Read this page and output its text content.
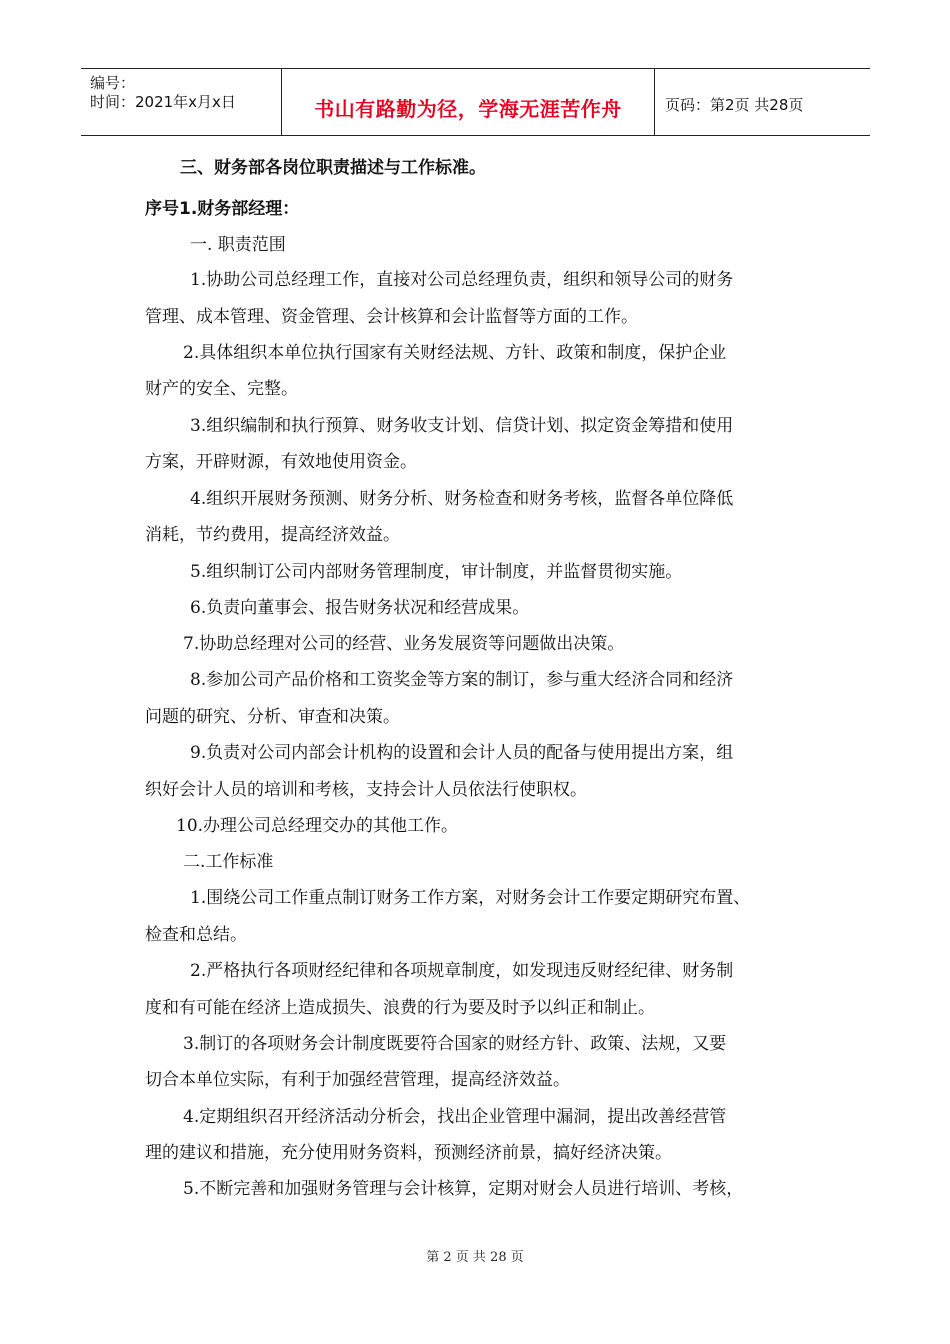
编号：
时间：2021年x月x日	书山有路勤为径，学海无涯苦作舟	页码：第2页 共28页
三、财务部各岗位职责描述与工作标准。
序号1.财务部经理：
一. 职责范围
1.协助公司总经理工作，直接对公司总经理负责，组织和领导公司的财务
管理、成本管理、资金管理、会计核算和会计监督等方面的工作。
2.具体组织本单位执行国家有关财经法规、方针、政策和制度，保护企业
财产的安全、完整。
3.组织编制和执行预算、财务收支计划、信贷计划、拟定资金筹措和使用
方案，开辟财源，有效地使用资金。
4.组织开展财务预测、财务分析、财务检查和财务考核，监督各单位降低
消耗，节约费用，提高经济效益。
5.组织制订公司内部财务管理制度，审计制度，并监督贯彻实施。
6.负责向董事会、报告财务状况和经营成果。
7.协助总经理对公司的经营、业务发展资等问题做出决策。
8.参加公司产品价格和工资奖金等方案的制订，参与重大经济合同和经济
问题的研究、分析、审查和决策。
9.负责对公司内部会计机构的设置和会计人员的配备与使用提出方案，组
织好会计人员的培训和考核，支持会计人员依法行使职权。
10.办理公司总经理交办的其他工作。
二.工作标准
1.围绕公司工作重点制订财务工作方案，对财务会计工作要定期研究布置、
检查和总结。
2.严格执行各项财经纪律和各项规章制度，如发现违反财经纪律、财务制
度和有可能在经济上造成损失、浪费的行为要及时予以纠正和制止。
3.制订的各项财务会计制度既要符合国家的财经方针、政策、法规，又要
切合本单位实际，有利于加强经营管理，提高经济效益。
4.定期组织召开经济活动分析会，找出企业管理中漏洞，提出改善经营管
理的建议和措施，充分使用财务资料，预测经济前景，搞好经济决策。
5.不断完善和加强财务管理与会计核算，定期对财会人员进行培训、考核，
第 2 页 共 28 页
